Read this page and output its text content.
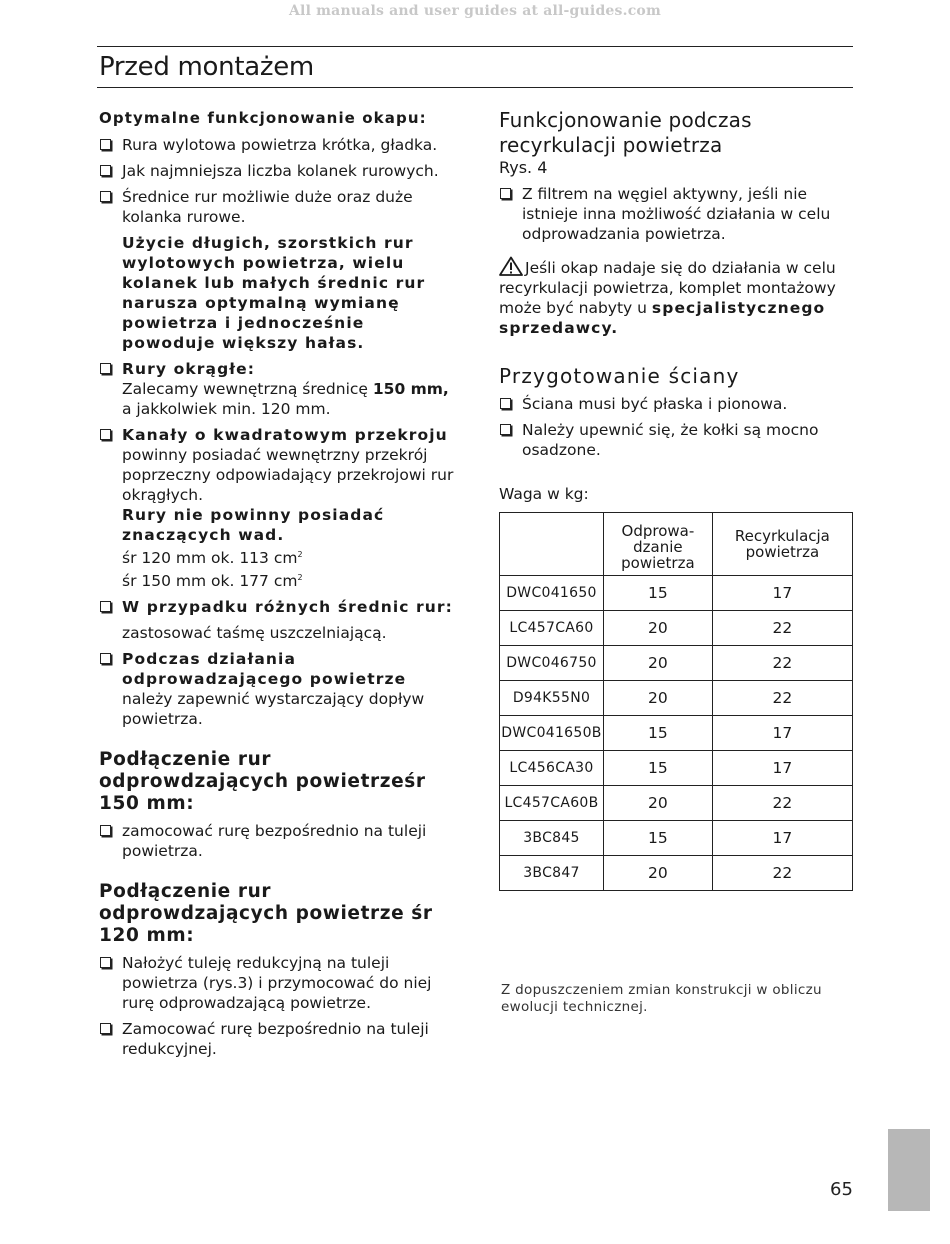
All manuals and user guides at all-guides.com
Przed montażem
Optymalne funkcjonowanie okapu:
Rura wylotowa powietrza krótka, gładka.
Jak najmniejsza liczba kolanek rurowych.
Średnice rur możliwie duże oraz duże kolanka rurowe.

Użycie długich, szorstkich rur wylotowych powietrza, wielu kolanek lub małych średnic rur narusza optymalną wymianę powietrza i jednocześnie powoduje większy hałas.

Rury okrągłe:
Zalecamy wewnętrzną średnicę 150 mm,
a jakkolwiek min. 120 mm.
Kanały o kwadratowym przekroju
powinny posiadać wewnętrzny przekrój poprzeczny odpowiadający przekrojowi rur okrągłych.
Rury nie powinny posiadać znaczących wad.
śr 120 mm ok. 113 $cm^2$
śr 150 mm ok. 177 $cm^2$
W przypadku różnych średnic rur:
zastosować taśmę uszczelniającą.
Podczas działania odprowadzającego powietrze
należy zapewnić wystarczający dopływ powietrza.
Podłączenie rur odprowdzających powietrześr 150 mm:
zamocować rurę bezpośrednio na tuleji powietrza.
Podłączenie rur odprowdzających powietrze śr 120 mm:
Nałożyć tuleję redukcyjną na tuleji powietrza (rys.3) i przymocować do niej rurę odprowadzającą powietrze.
Zamocować rurę bezpośrednio na tuleji redukcyjnej.
Funkcjonowanie podczas recyrkulacji powietrza

Rys. 4

Z filtrem na węgiel aktywny, jeśli nie istnieje inna możliwość działania w celu odprowadzania powietrza.

Jeśli okap nadaje się do działania w celu recyrkulacji powietrza, komplet montażowy może być nabyty u specjalistycznego sprzedawcy.

Przygotowanie ściany
Ściana musi być płaska i pionowa.
Należy upewnić się, że kołki są mocno osadzone.

Waga w kg:

	Odprowa-
dzanie
powietrza	Recyrkulacja
powietrza
DWC041650	15	17
LC457CA60	20	22
DWC046750	20	22
D94K55N0	20	22
DWC041650B	15	17
LC456CA30	15	17
LC457CA60B	20	22
3BC845	15	17
3BC847	20	22
Z dopuszczeniem zmian konstrukcji w obliczu ewolucji technicznej.
65
